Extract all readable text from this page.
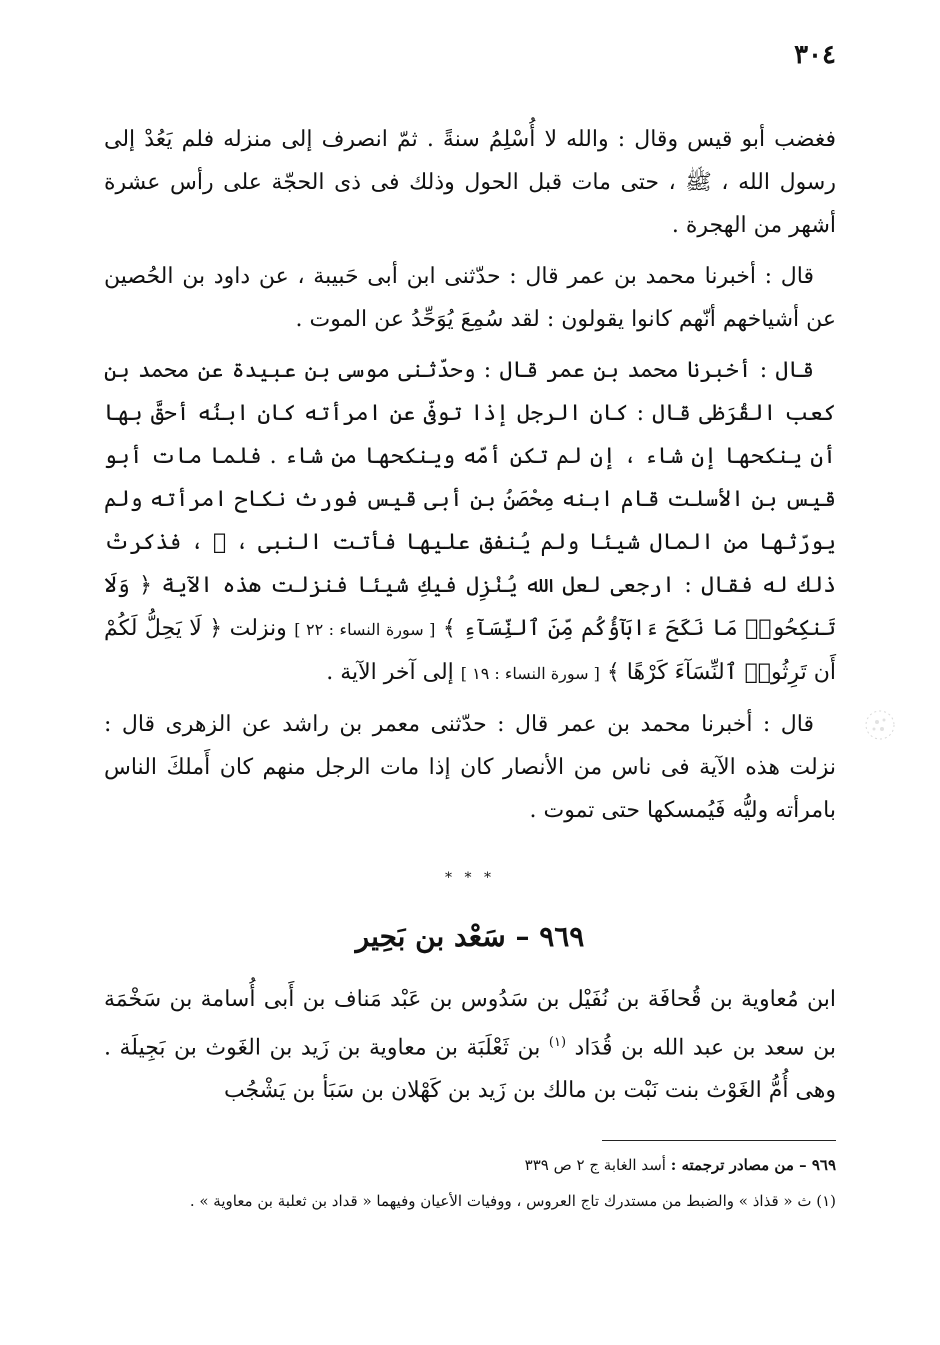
٣٠٤

فغضب أبو قيس وقال : والله لا أُسْلِمُ سنةً . ثمّ انصرف إلى منزله فلم يَعُدْ إلى رسول الله ، ﷺ ، حتى مات قبل الحول وذلك فى ذى الحجّة على رأس عشرة أشهر من الهجرة .

قال : أخبرنا محمد بن عمر قال : حدّثنى ابن أبى حَبيبة ، عن داود بن الحُصين عن أشياخهم أنّهم كانوا يقولون : لقد سُمِعَ يُوَحِّدُ عن الموت .

قال : أخبرنا محمد بن عمر قال : وحدّثنى موسى بن عبيدة عن محمد بن كعب القُرَظى قال : كان الرجل إذا توفّى عن امرأته كان ابنُه أحقَّ بها أن ينكحها إن شاء ، إن لم تكن أمّه وينكحها من شاء . فلما مات أبو قيس بن الأسلت قام ابنه مِحْصَنُ بن أبى قيس فورث نكاح امرأته ولم يورّثها من المال شيئا ولم يُنفق عليها فأتت النبى ، ﷺ ، فذكرتْ ذلك له فقال : ارجعى لعل الله يُنْزِل فيكِ شيئا فنزلت هذه الآية ﴿ وَلَا تَنكِحُوا۟ مَا نَكَحَ ءَابَآؤُكُم مِّنَ ٱلنِّسَآءِ ﴾ [ سورة النساء : ٢٢ ] ونزلت ﴿ لَا يَحِلُّ لَكُمْ أَن تَرِثُوا۟ ٱلنِّسَآءَ كَرْهًا ﴾ [ سورة النساء : ١٩ ] إلى آخر الآية .

قال : أخبرنا محمد بن عمر قال : حدّثنى معمر بن راشد عن الزهرى قال : نزلت هذه الآية فى ناس من الأنصار كان إذا مات الرجل منهم كان أَملكَ الناس بامرأته وليُّه فَيُمسكها حتى تموت .

* * *
٩٦٩ – سَعْد بن بَحِير
ابن مُعاوية بن قُحافَة بن نُفَيْل بن سَدُوس بن عَبْد مَناف بن أَبى أُسامة بن سَخْمَة بن سعد بن عبد الله بن قُدَاد $^{(١)}$ بن ثَعْلَبَة بن معاوية بن زَيد بن الغَوث بن بَجِيلَة . وهى أُمُّ الغَوْث بنت نَبْت بن مالك بن زَيد بن كَهْلان بن سَبَأ بن يَشْجُب

٩٦٩ – من مصادر ترجمته : أسد الغابة ج ٢ ص ٣٣٩

(١) ث « قذاذ » والضبط من مستدرك تاج العروس ، ووفيات الأعيان وفيهما « قداد بن ثعلبة بن معاوية » .
